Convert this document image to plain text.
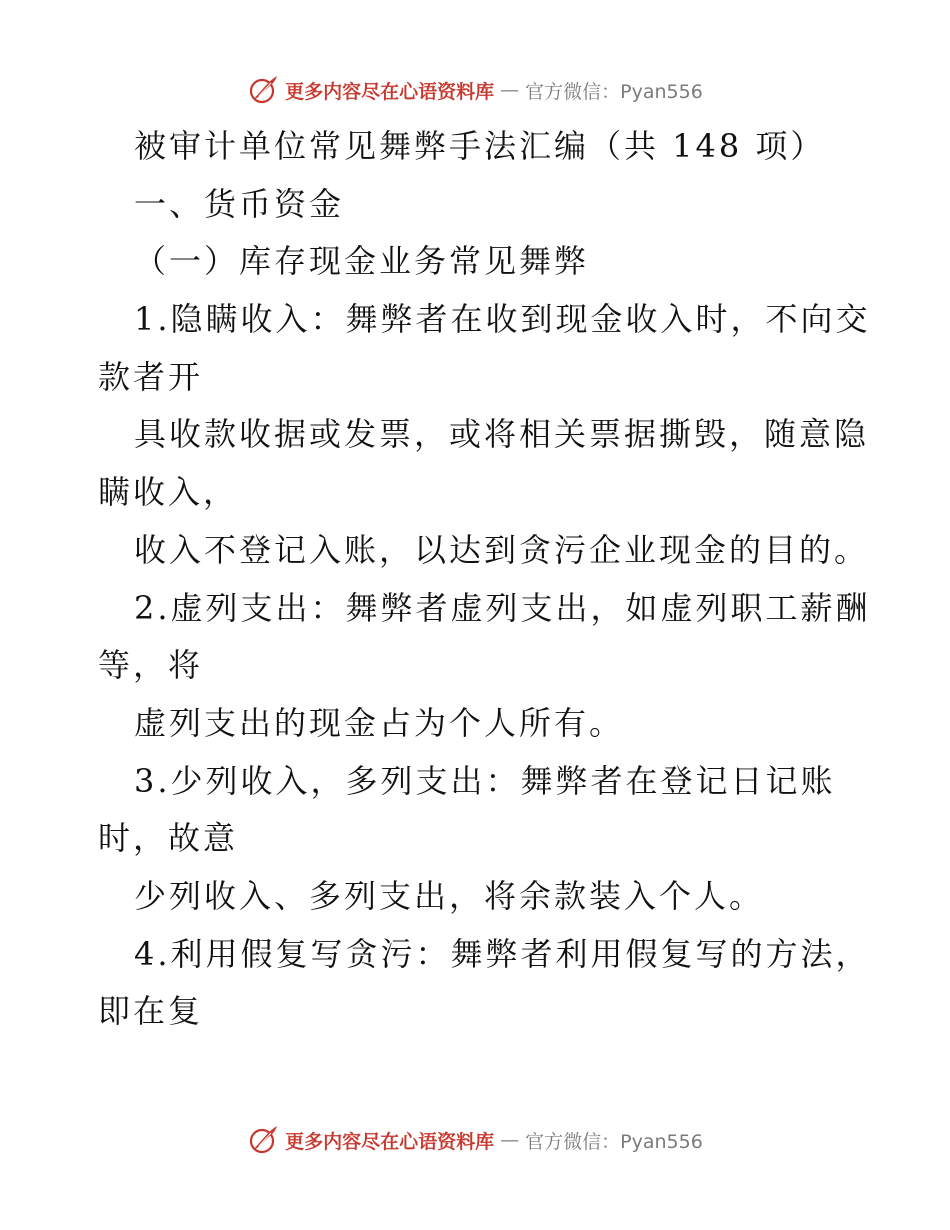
更多内容尽在心语资料库 — 官方微信：Pyan556
被审计单位常见舞弊手法汇编（共 148 项）
一、货币资金
（一）库存现金业务常见舞弊
1.隐瞒收入：舞弊者在收到现金收入时，不向交
款者开
具收款收据或发票，或将相关票据撕毁，随意隐
瞒收入，
收入不登记入账，以达到贪污企业现金的目的。
2.虚列支出：舞弊者虚列支出，如虚列职工薪酬
等，将
虚列支出的现金占为个人所有。
3.少列收入，多列支出：舞弊者在登记日记账
时，故意
少列收入、多列支出，将余款装入个人。
4.利用假复写贪污：舞弊者利用假复写的方法，
即在复
更多内容尽在心语资料库 — 官方微信：Pyan556
